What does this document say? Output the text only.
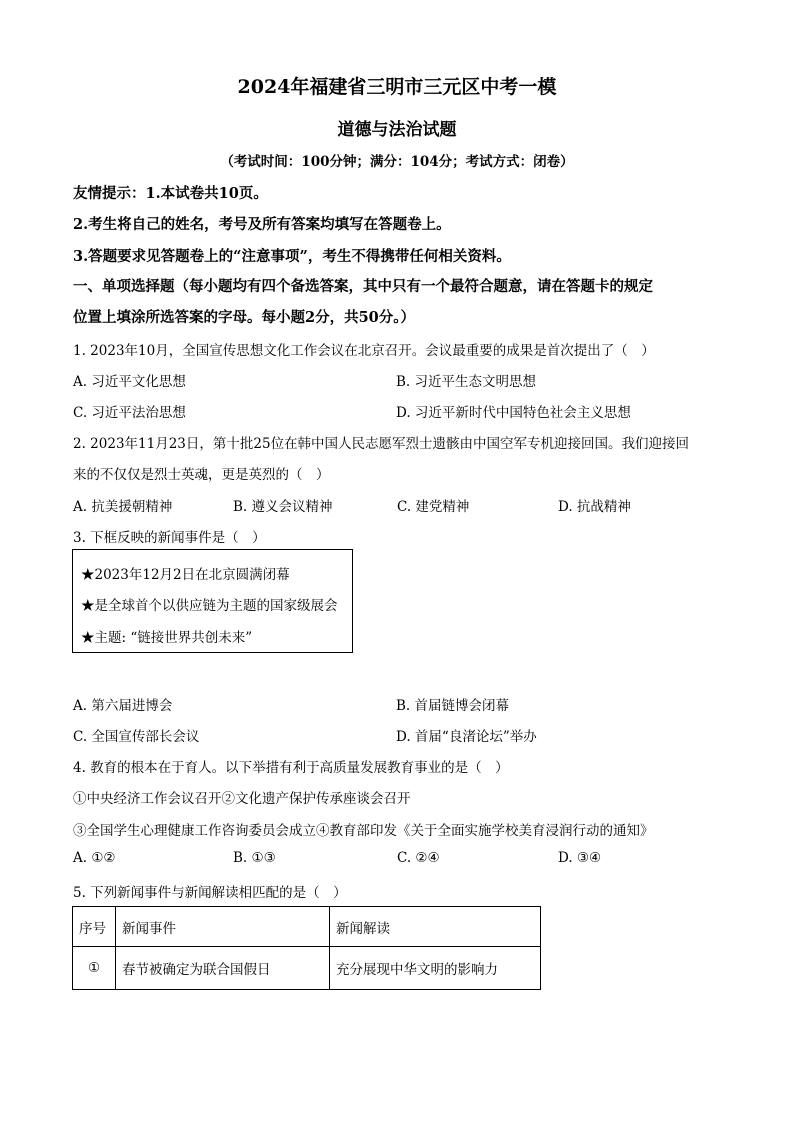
2024年福建省三明市三元区中考一模
道德与法治试题
（考试时间：100分钟；满分：104分；考试方式：闭卷）
友情提示：1.本试卷共10页。
2.考生将自己的姓名，考号及所有答案均填写在答题卷上。
3.答题要求见答题卷上的“注意事项”，考生不得携带任何相关资料。
一、单项选择题（每小题均有四个备选答案，其中只有一个最符合题意，请在答题卡的规定
位置上填涂所选答案的字母。每小题2分，共50分。）
1. 2023年10月，全国宣传思想文化工作会议在北京召开。会议最重要的成果是首次提出了（　）
A. 习近平文化思想	B. 习近平生态文明思想
C. 习近平法治思想	D. 习近平新时代中国特色社会主义思想
2. 2023年11月23日，第十批25位在韩中国人民志愿军烈士遗骸由中国空军专机迎接回国。我们迎接回
来的不仅仅是烈士英魂，更是英烈的（　）
A. 抗美援朝精神	B. 遵义会议精神	C. 建党精神	D. 抗战精神
3. 下框反映的新闻事件是（　）
★2023年12月2日在北京圆满闭幕
★是全球首个以供应链为主题的国家级展会
★主题: “链接世界共创未来”
A. 第六届进博会	B. 首届链博会闭幕
C. 全国宣传部长会议	D. 首届“良渚论坛”举办
4. 教育的根本在于育人。以下举措有利于高质量发展教育事业的是（　）
①中央经济工作会议召开②文化遗产保护传承座谈会召开
③全国学生心理健康工作咨询委员会成立④教育部印发《关于全面实施学校美育浸润行动的通知》
A. ①②	B. ①③	C. ②④	D. ③④
5. 下列新闻事件与新闻解读相匹配的是（　）
序号	新闻事件	新闻解读
①	春节被确定为联合国假日	充分展现中华文明的影响力
